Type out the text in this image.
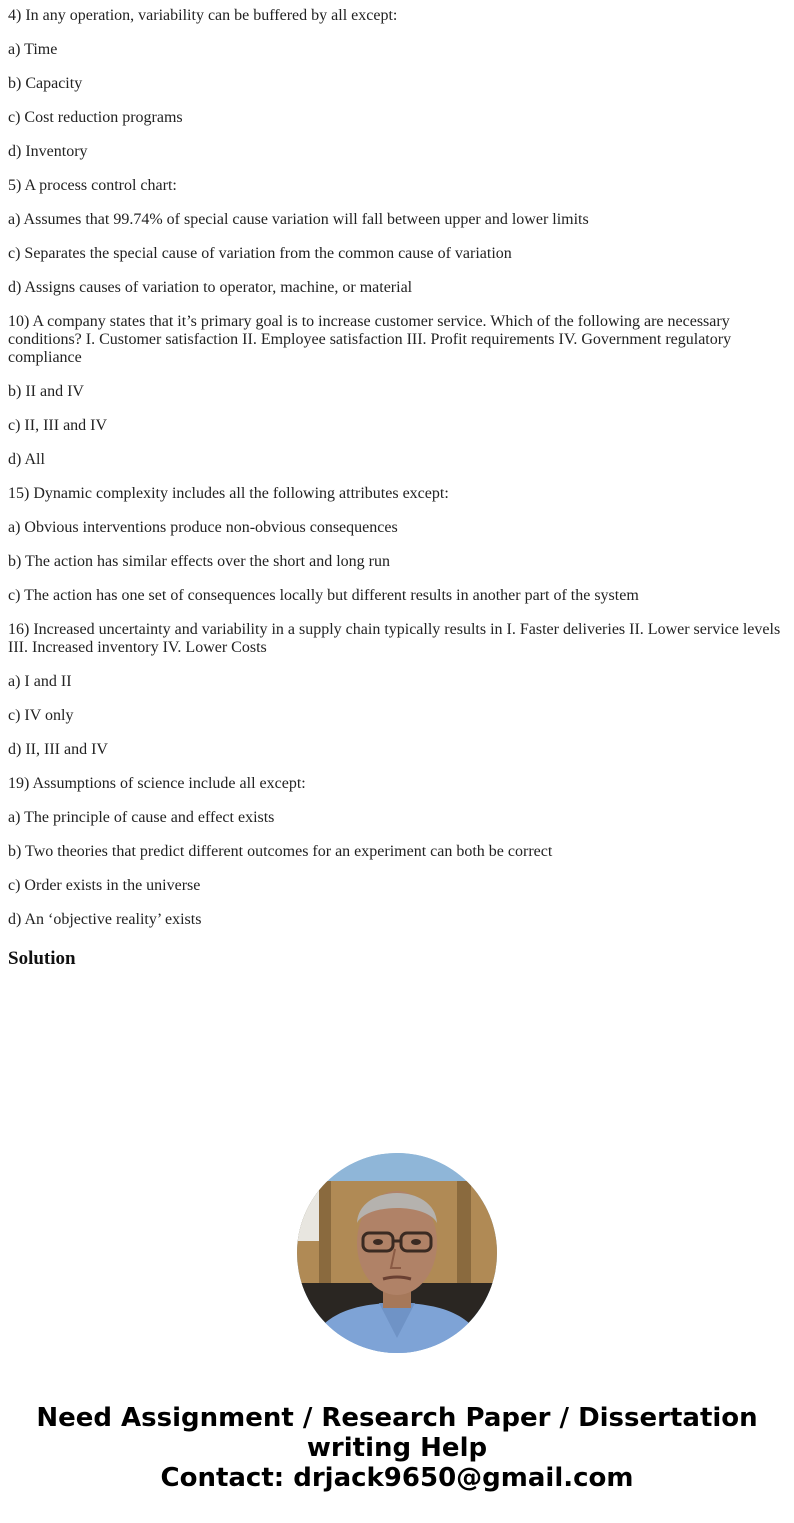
4) In any operation, variability can be buffered by all except:

a) Time

b) Capacity

c) Cost reduction programs

d) Inventory

5) A process control chart:

a) Assumes that 99.74% of special cause variation will fall between upper and lower limits

c) Separates the special cause of variation from the common cause of variation

d) Assigns causes of variation to operator, machine, or material

10) A company states that it’s primary goal is to increase customer service. Which of the following are necessary conditions? I. Customer satisfaction II. Employee satisfaction III. Profit requirements IV. Government regulatory compliance

b) II and IV

c) II, III and IV

d) All

15) Dynamic complexity includes all the following attributes except:

a) Obvious interventions produce non-obvious consequences

b) The action has similar effects over the short and long run

c) The action has one set of consequences locally but different results in another part of the system

16) Increased uncertainty and variability in a supply chain typically results in I. Faster deliveries II. Lower service levels III. Increased inventory IV. Lower Costs

a) I and II

c) IV only

d) II, III and IV

19) Assumptions of science include all except:

a) The principle of cause and effect exists

b) Two theories that predict different outcomes for an experiment can both be correct

c) Order exists in the universe

d) An ‘objective reality’ exists

Solution
Need Assignment / Research Paper / Dissertation
writing Help
Contact: drjack9650@gmail.com
